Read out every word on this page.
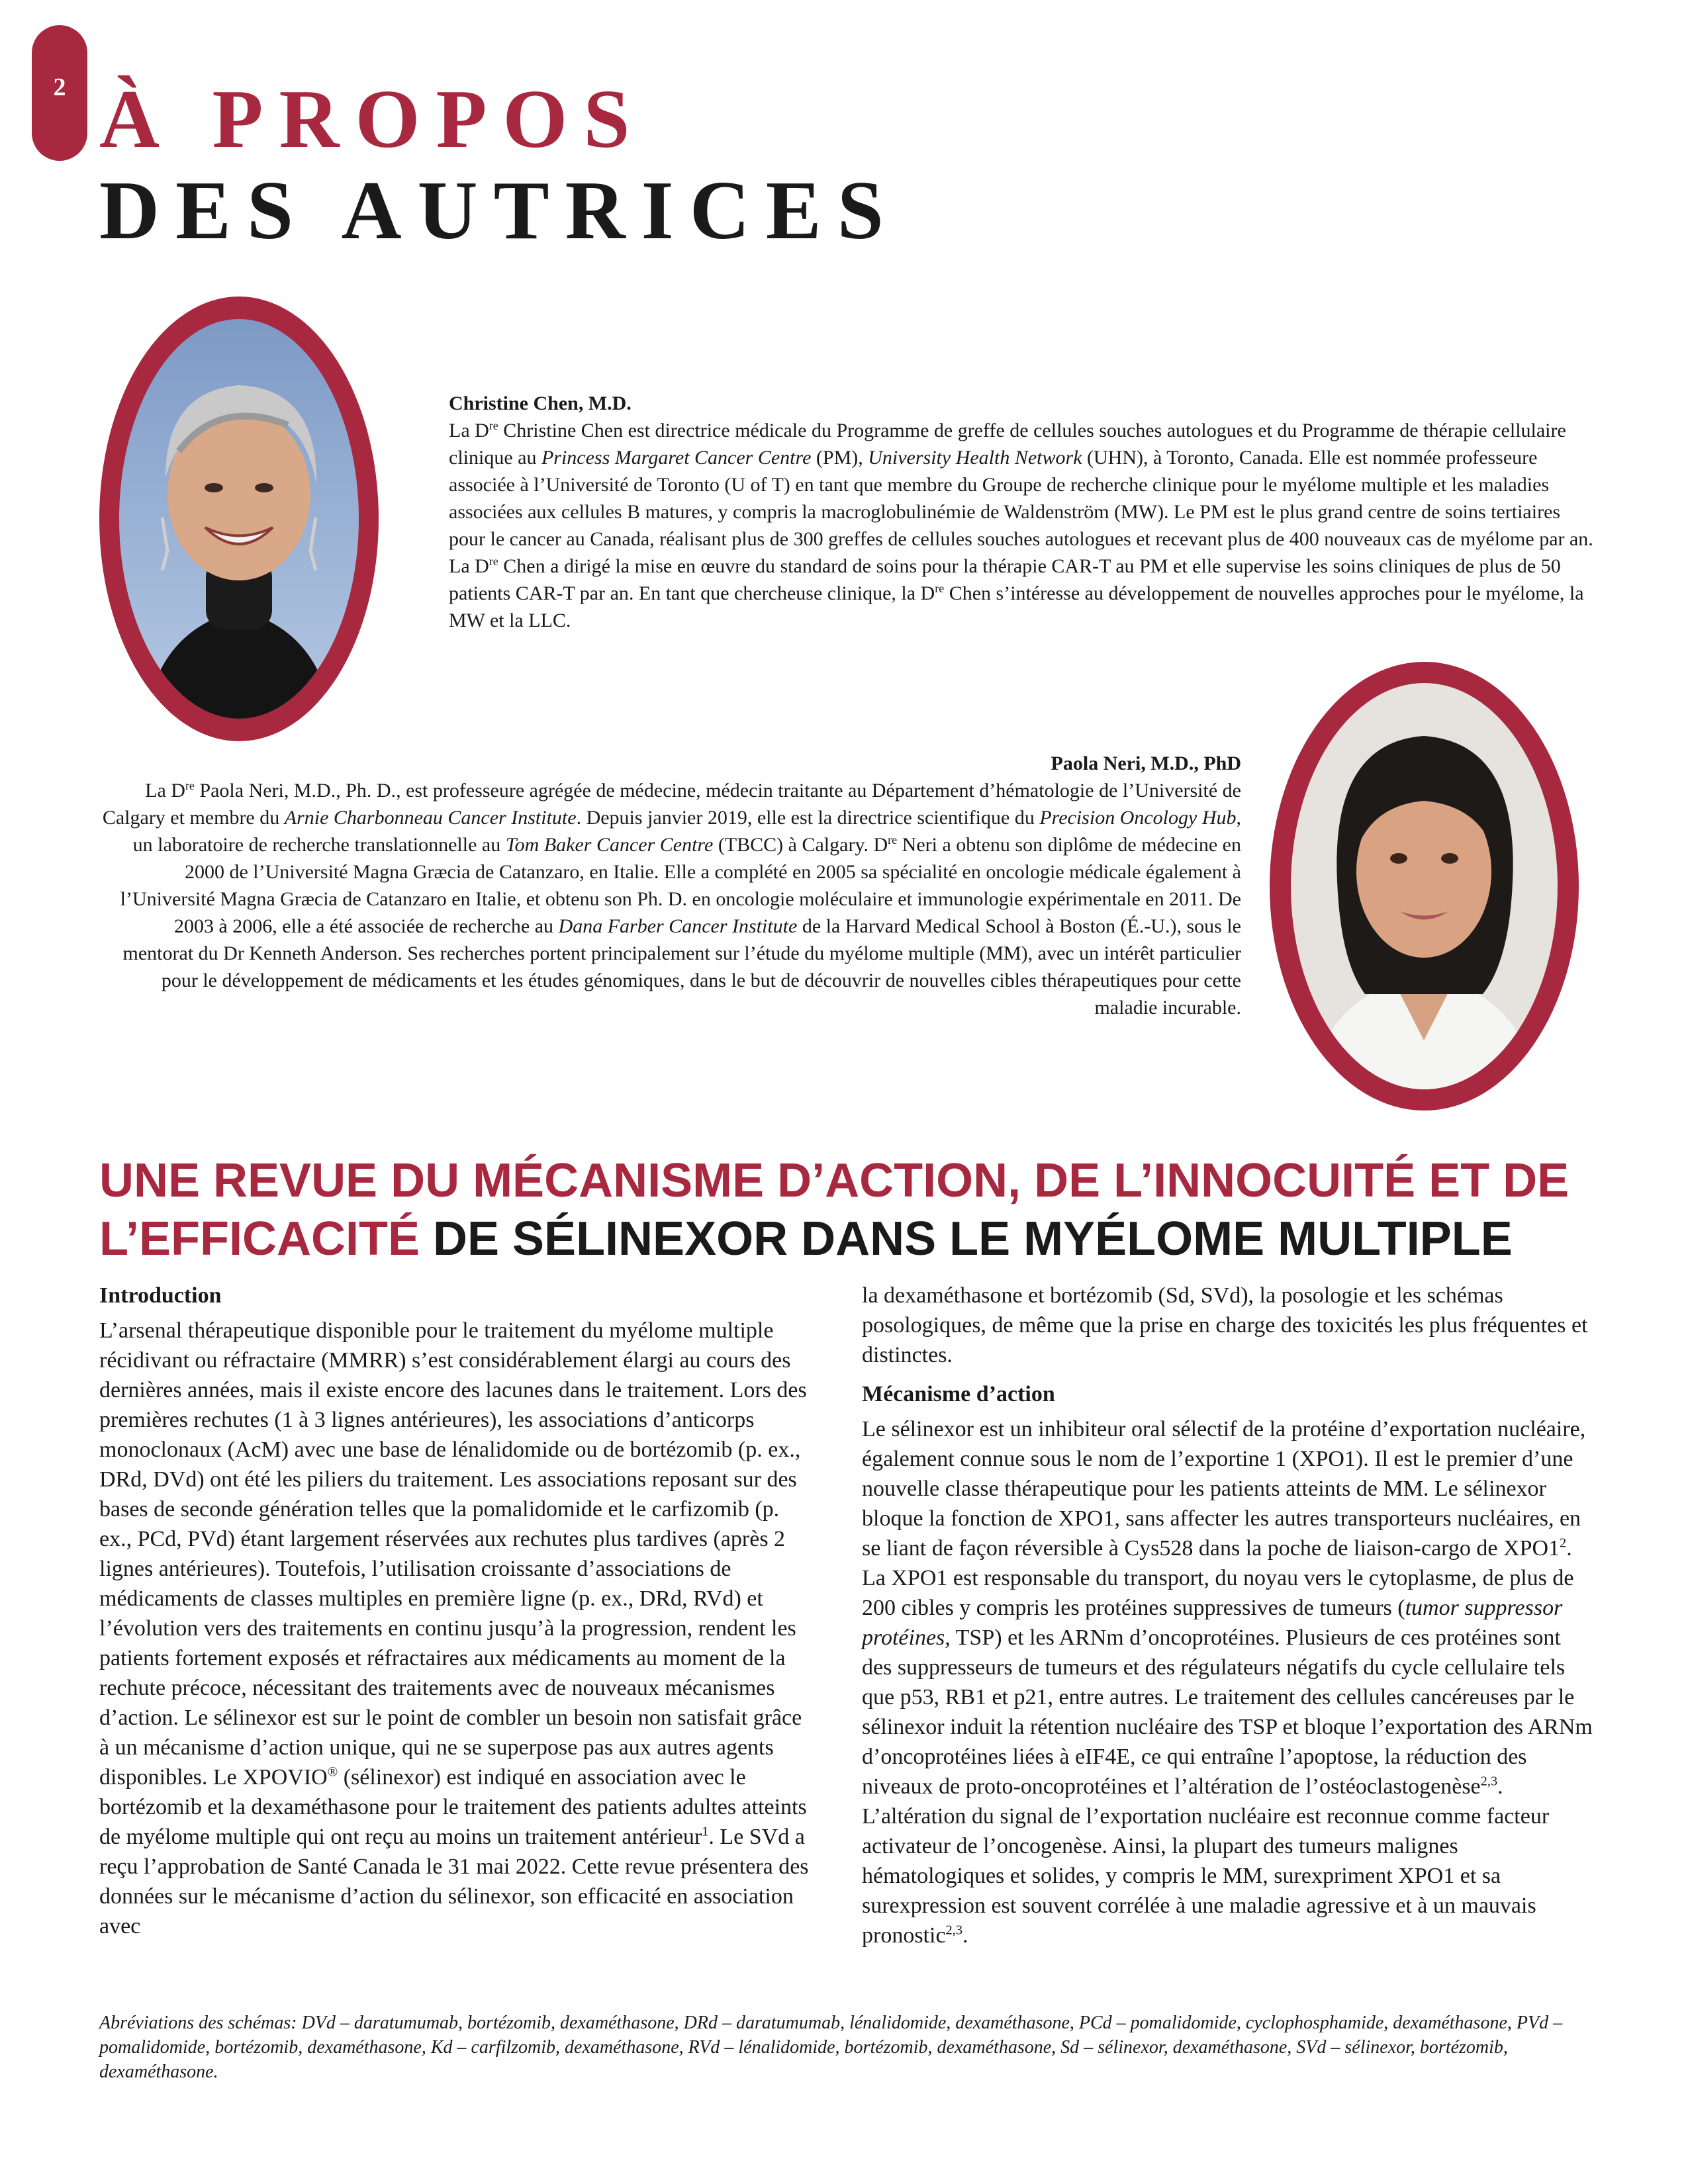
2 À PROPOS
DES AUTRICES

Christine Chen, M.D.

La Dre Christine Chen est directrice médicale du Programme de greffe de cellules souches autologues et du Programme de thérapie cellulaire clinique au Princess Margaret Cancer Centre (PM), University Health Network (UHN), à Toronto, Canada. Elle est nommée professeure associée à l’Université de Toronto (U of T) en tant que membre du Groupe de recherche clinique pour le myélome multiple et les maladies associées aux cellules B matures, y compris la macroglobulinémie de Waldenström (MW). Le PM est le plus grand centre de soins tertiaires pour le cancer au Canada, réalisant plus de 300 greffes de cellules souches autologues et recevant plus de 400 nouveaux cas de myélome par an. La Dre Chen a dirigé la mise en œuvre du standard de soins pour la thérapie CAR-T au PM et elle supervise les soins cliniques de plus de 50 patients CAR-T par an. En tant que chercheuse clinique, la Dre Chen s’intéresse au développement de nouvelles approches pour le myélome, la MW et la LLC.

Paola Neri, M.D., PhD

La Dre Paola Neri, M.D., Ph. D., est professeure agrégée de médecine, médecin traitante au Département d’hématologie de l’Université de Calgary et membre du Arnie Charbonneau Cancer Institute. Depuis janvier 2019, elle est la directrice scientifique du Precision Oncology Hub, un laboratoire de recherche translationnelle au Tom Baker Cancer Centre (TBCC) à Calgary. Dre Neri a obtenu son diplôme de médecine en 2000 de l’Université Magna Græcia de Catanzaro, en Italie. Elle a complété en 2005 sa spécialité en oncologie médicale également à l’Université Magna Græcia de Catanzaro en Italie, et obtenu son Ph. D. en oncologie moléculaire et immunologie expérimentale en 2011. De 2003 à 2006, elle a été associée de recherche au Dana Farber Cancer Institute de la Harvard Medical School à Boston (É.-U.), sous le mentorat du Dr Kenneth Anderson. Ses recherches portent principalement sur l’étude du myélome multiple (MM), avec un intérêt particulier pour le développement de médicaments et les études génomiques, dans le but de découvrir de nouvelles cibles thérapeutiques pour cette maladie incurable.

UNE REVUE DU MÉCANISME D’ACTION, DE L’INNOCUITÉ ET DE L’EFFICACITÉ DE SÉLINEXOR DANS LE MYÉLOME MULTIPLE

Introduction

L’arsenal thérapeutique disponible pour le traitement du myélome multiple récidivant ou réfractaire (MMRR) s’est considérablement élargi au cours des dernières années, mais il existe encore des lacunes dans le traitement. Lors des premières rechutes (1 à 3 lignes antérieures), les associations d’anticorps monoclonaux (AcM) avec une base de lénalidomide ou de bortézomib (p. ex., DRd, DVd) ont été les piliers du traitement. Les associations reposant sur des bases de seconde génération telles que la pomalidomide et le carfizomib (p. ex., PCd, PVd) étant largement réservées aux rechutes plus tardives (après 2 lignes antérieures). Toutefois, l’utilisation croissante d’associations de médicaments de classes multiples en première ligne (p. ex., DRd, RVd) et l’évolution vers des traitements en continu jusqu’à la progression, rendent les patients fortement exposés et réfractaires aux médicaments au moment de la rechute précoce, nécessitant des traitements avec de nouveaux mécanismes d’action. Le sélinexor est sur le point de combler un besoin non satisfait grâce à un mécanisme d’action unique, qui ne se superpose pas aux autres agents disponibles. Le XPOVIO® (sélinexor) est indiqué en association avec le bortézomib et la dexaméthasone pour le traitement des patients adultes atteints de myélome multiple qui ont reçu au moins un traitement antérieur$^1$. Le SVd a reçu l’approbation de Santé Canada le 31 mai 2022. Cette revue présentera des données sur le mécanisme d’action du sélinexor, son efficacité en association avec

la dexaméthasone et bortézomib (Sd, SVd), la posologie et les schémas posologiques, de même que la prise en charge des toxicités les plus fréquentes et distinctes.

Mécanisme d’action

Le sélinexor est un inhibiteur oral sélectif de la protéine d’exportation nucléaire, également connue sous le nom de l’exportine 1 (XPO1). Il est le premier d’une nouvelle classe thérapeutique pour les patients atteints de MM. Le sélinexor bloque la fonction de XPO1, sans affecter les autres transporteurs nucléaires, en se liant de façon réversible à Cys528 dans la poche de liaison-cargo de $XPO1^2$. La XPO1 est responsable du transport, du noyau vers le cytoplasme, de plus de 200 cibles y compris les protéines suppressives de tumeurs (tumor suppressor protéines, TSP) et les ARNm d’oncoprotéines. Plusieurs de ces protéines sont des suppresseurs de tumeurs et des régulateurs négatifs du cycle cellulaire tels que p53, RB1 et p21, entre autres. Le traitement des cellules cancéreuses par le sélinexor induit la rétention nucléaire des TSP et bloque l’exportation des ARNm d’oncoprotéines liées à eIF4E, ce qui entraîne l’apoptose, la réduction des niveaux de proto-oncoprotéines et l’altération de l’ostéoclastogenèse$^{2,3}$. L’altération du signal de l’exportation nucléaire est reconnue comme facteur activateur de l’oncogenèse. Ainsi, la plupart des tumeurs malignes hématologiques et solides, y compris le MM, surexpriment XPO1 et sa surexpression est souvent corrélée à une maladie agressive et à un mauvais pronostic$^{2,3}$.

Abréviations des schémas: DVd – daratumumab, bortézomib, dexaméthasone, DRd – daratumumab, lénalidomide, dexaméthasone, PCd – pomalidomide, cyclophosphamide, dexaméthasone, PVd – pomalidomide, bortézomib, dexaméthasone, Kd – carfilzomib, dexaméthasone, RVd – lénalidomide, bortézomib, dexaméthasone, Sd – sélinexor, dexaméthasone, SVd – sélinexor, bortézomib, dexaméthasone.
